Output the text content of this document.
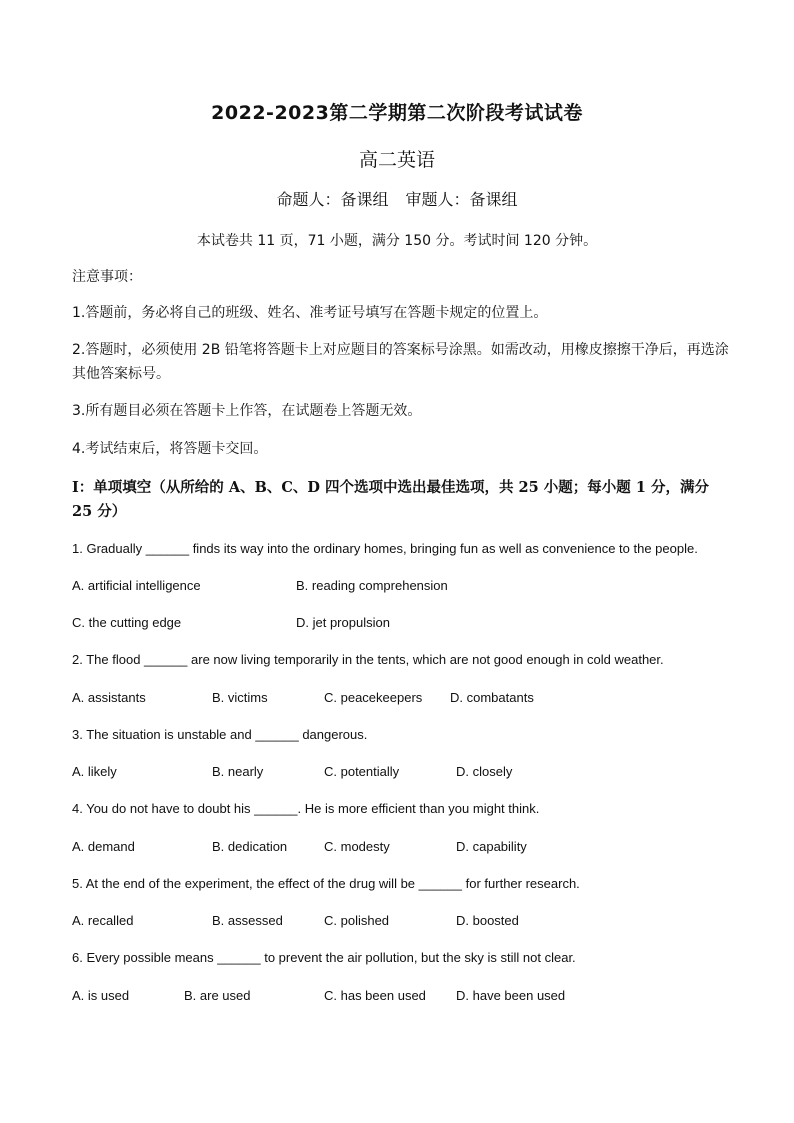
2022-2023第二学期第二次阶段考试试卷
高二英语
命题人：备课组 审题人：备课组
本试卷共 11 页，71 小题，满分 150 分。考试时间 120 分钟。
注意事项：
1.答题前，务必将自己的班级、姓名、准考证号填写在答题卡规定的位置上。
2.答题时，必须使用 2B 铅笔将答题卡上对应题目的答案标号涂黑。如需改动，用橡皮擦擦干净后，再选涂其他答案标号。
3.所有题目必须在答题卡上作答，在试题卷上答题无效。
4.考试结束后，将答题卡交回。
I：单项填空（从所给的 A、B、C、D 四个选项中选出最佳选项，共 25 小题；每小题 1 分，满分 25 分）
1. Gradually ______ finds its way into the ordinary homes, bringing fun as well as convenience to the people.
A. artificial intelligence	B. reading comprehension
C. the cutting edge	D. jet propulsion
2. The flood ______ are now living temporarily in the tents, which are not good enough in cold weather.
A. assistants	B. victims	C. peacekeepers D. combatants
3. The situation is unstable and ______ dangerous.
A. likely	B. nearly	C. potentially	D. closely
4. You do not have to doubt his ______. He is more efficient than you might think.
A. demand	B. dedication	C. modesty	D. capability
5. At the end of the experiment, the effect of the drug will be ______ for further research.
A. recalled	B. assessed	C. polished	D. boosted
6. Every possible means ______ to prevent the air pollution, but the sky is still not clear.
A. is used	B. are used	C. has been used D. have been used
